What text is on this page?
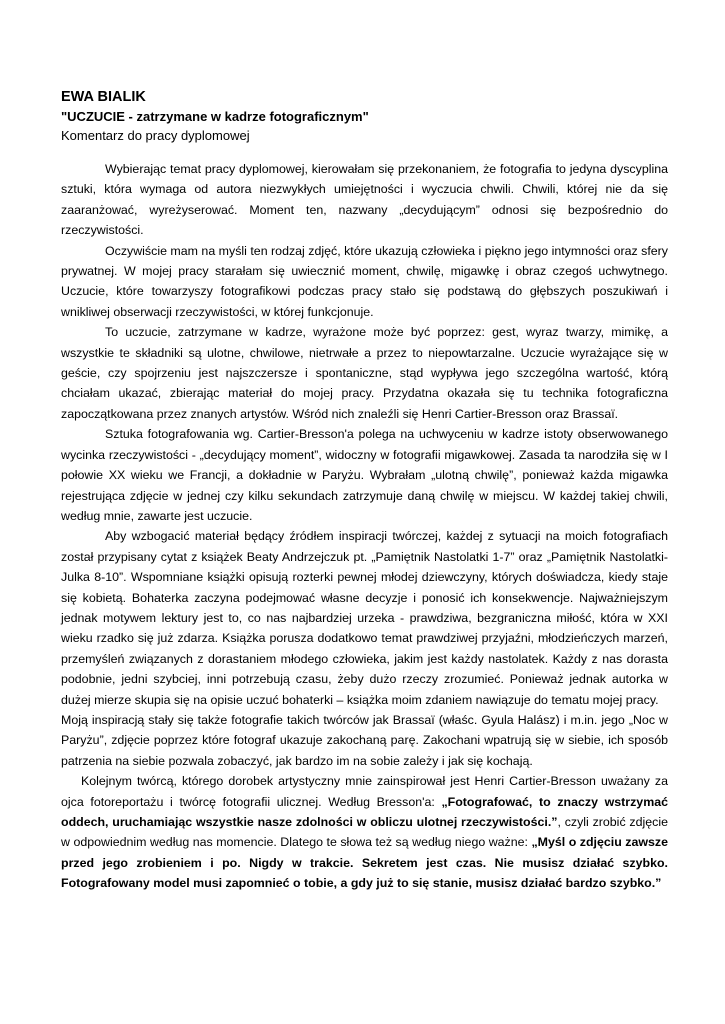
EWA BIALIK

"UCZUCIE - zatrzymane w kadrze fotograficznym"

Komentarz do pracy dyplomowej

Wybierając temat pracy dyplomowej, kierowałam się przekonaniem, że fotografia to jedyna dyscyplina sztuki, która wymaga od autora niezwykłych umiejętności i wyczucia chwili. Chwili, której nie da się zaaranżować, wyreżyserować. Moment ten, nazwany „decydującym” odnosi się bezpośrednio do rzeczywistości.

Oczywiście mam na myśli ten rodzaj zdjęć, które ukazują człowieka i piękno jego intymności oraz sfery prywatnej. W mojej pracy starałam się uwiecznić moment, chwilę, migawkę i obraz czegoś uchwytnego. Uczucie, które towarzyszy fotografikowi podczas pracy stało się podstawą do głębszych poszukiwań i wnikliwej obserwacji rzeczywistości, w której funkcjonuje.

To uczucie, zatrzymane w kadrze, wyrażone może być poprzez: gest, wyraz twarzy, mimikę, a wszystkie te składniki są ulotne, chwilowe, nietrwałe a przez to niepowtarzalne. Uczucie wyrażające się w geście, czy spojrzeniu jest najszczersze i spontaniczne, stąd wypływa jego szczególna wartość, którą chciałam ukazać, zbierając materiał do mojej pracy. Przydatna okazała się tu technika fotograficzna zapoczątkowana przez znanych artystów. Wśród nich znaleźli się Henri Cartier-Bresson oraz Brassaï.

Sztuka fotografowania wg. Cartier-Bresson'a polega na uchwyceniu w kadrze istoty obserwowanego wycinka rzeczywistości - „decydujący moment”, widoczny w fotografii migawkowej. Zasada ta narodziła się w I połowie XX wieku we Francji, a dokładnie w Paryżu. Wybrałam „ulotną chwilę”, ponieważ każda migawka rejestrująca zdjęcie w jednej czy kilku sekundach zatrzymuje daną chwilę w miejscu. W każdej takiej chwili, według mnie, zawarte jest uczucie.

Aby wzbogacić materiał będący źródłem inspiracji twórczej, każdej z sytuacji na moich fotografiach został przypisany cytat z książek Beaty Andrzejczuk pt. „Pamiętnik Nastolatki 1-7” oraz „Pamiętnik Nastolatki-Julka 8-10”. Wspomniane książki opisują rozterki pewnej młodej dziewczyny, których doświadcza, kiedy staje się kobietą. Bohaterka zaczyna podejmować własne decyzje i ponosić ich konsekwencje. Najważniejszym jednak motywem lektury jest to, co nas najbardziej urzeka - prawdziwa, bezgraniczna miłość, która w XXI wieku rzadko się już zdarza. Książka porusza dodatkowo temat prawdziwej przyjaźni, młodzieńczych marzeń, przemyśleń związanych z dorastaniem młodego człowieka, jakim jest każdy nastolatek. Każdy z nas dorasta podobnie, jedni szybciej, inni potrzebują czasu, żeby dużo rzeczy zrozumieć. Ponieważ jednak autorka w dużej mierze skupia się na opisie uczuć bohaterki – książka moim zdaniem nawiązuje do tematu mojej pracy.

Moją inspiracją stały się także fotografie takich twórców jak Brassaï (właśc. Gyula Halász) i m.in. jego „Noc w Paryżu”, zdjęcie poprzez które fotograf ukazuje zakochaną parę. Zakochani wpatrują się w siebie, ich sposób patrzenia na siebie pozwala zobaczyć, jak bardzo im na sobie zależy i jak się kochają.

Kolejnym twórcą, którego dorobek artystyczny mnie zainspirował jest Henri Cartier-Bresson uważany za ojca fotoreportażu i twórcę fotografii ulicznej. Według Bresson'a: „Fotografować, to znaczy wstrzymać oddech, uruchamiając wszystkie nasze zdolności w obliczu ulotnej rzeczywistości.”, czyli zrobić zdjęcie w odpowiednim według nas momencie. Dlatego te słowa też są według niego ważne: „Myśl o zdjęciu zawsze przed jego zrobieniem i po. Nigdy w trakcie. Sekretem jest czas. Nie musisz działać szybko. Fotografowany model musi zapomnieć o tobie, a gdy już to się stanie, musisz działać bardzo szybko.”
